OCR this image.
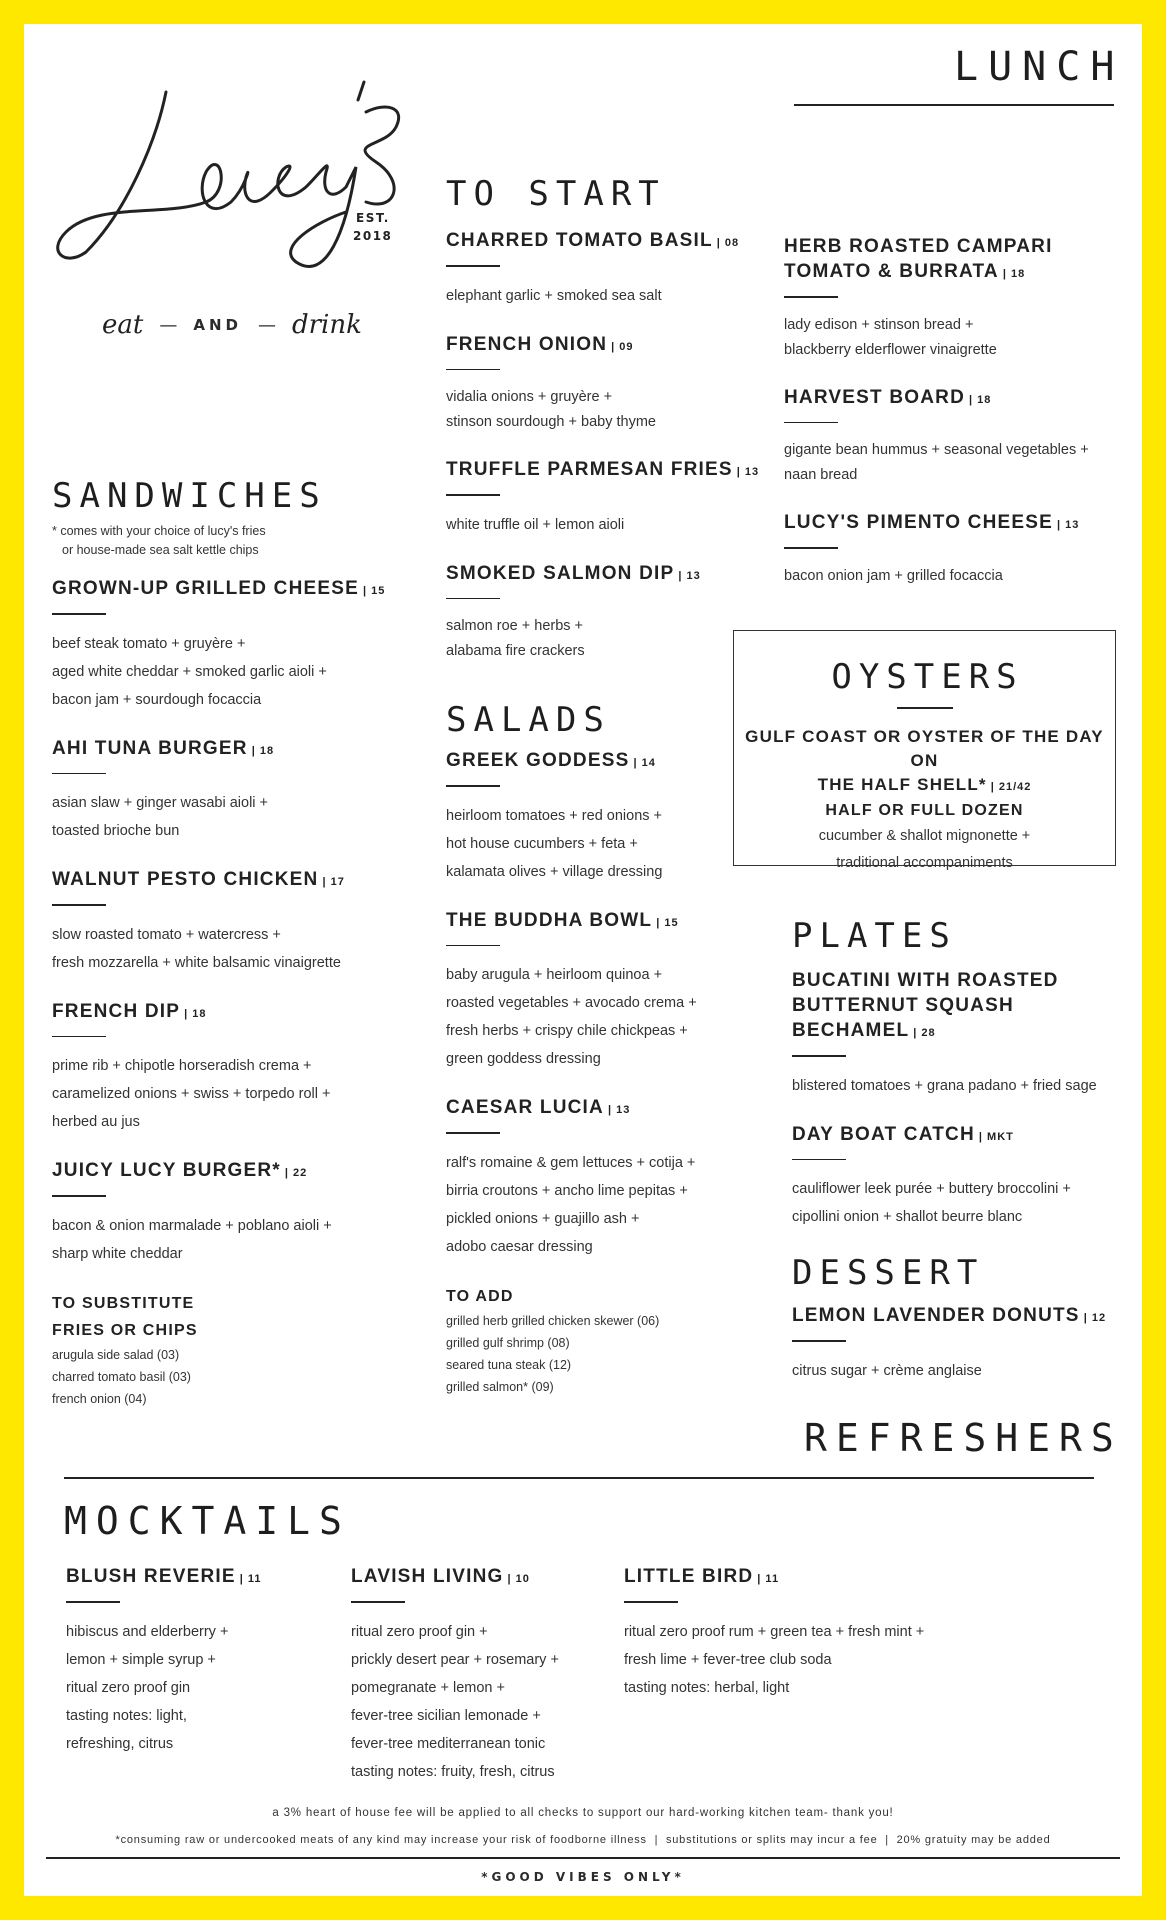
EST.
2018
eat — AND — drink
LUNCH
SANDWICHES
* comes with your choice of lucy's fries
or house-made sea salt kettle chips
GROWN-UP GRILLED CHEESE | 15
beef steak tomato + gruyère +
aged white cheddar + smoked garlic aioli +
bacon jam + sourdough focaccia
AHI TUNA BURGER | 18
asian slaw + ginger wasabi aioli +
toasted brioche bun
WALNUT PESTO CHICKEN | 17
slow roasted tomato + watercress +
fresh mozzarella + white balsamic vinaigrette
FRENCH DIP | 18
prime rib + chipotle horseradish crema +
caramelized onions + swiss + torpedo roll +
herbed au jus
JUICY LUCY BURGER* | 22
bacon & onion marmalade + poblano aioli +
sharp white cheddar
TO SUBSTITUTE
FRIES OR CHIPS
arugula side salad (03)
charred tomato basil (03)
french onion (04)
TO START
CHARRED TOMATO BASIL | 08
elephant garlic + smoked sea salt
FRENCH ONION | 09
vidalia onions + gruyère +
stinson sourdough + baby thyme
TRUFFLE PARMESAN FRIES | 13
white truffle oil + lemon aioli
SMOKED SALMON DIP | 13
salmon roe + herbs +
alabama fire crackers
SALADS
GREEK GODDESS | 14
heirloom tomatoes + red onions +
hot house cucumbers + feta +
kalamata olives + village dressing
THE BUDDHA BOWL | 15
baby arugula + heirloom quinoa +
roasted vegetables + avocado crema +
fresh herbs + crispy chile chickpeas +
green goddess dressing
CAESAR LUCIA | 13
ralf's romaine & gem lettuces + cotija +
birria croutons + ancho lime pepitas +
pickled onions + guajillo ash +
adobo caesar dressing
TO ADD
grilled herb grilled chicken skewer (06)
grilled gulf shrimp (08)
seared tuna steak (12)
grilled salmon* (09)
HERB ROASTED CAMPARI
TOMATO & BURRATA | 18
lady edison + stinson bread +
blackberry elderflower vinaigrette
HARVEST BOARD | 18
gigante bean hummus + seasonal vegetables +
naan bread
LUCY'S PIMENTO CHEESE | 13
bacon onion jam + grilled focaccia
OYSTERS
GULF COAST OR OYSTER OF THE DAY ON
THE HALF SHELL* | 21/42
HALF OR FULL DOZEN
cucumber & shallot mignonette +
traditional accompaniments
PLATES
BUCATINI WITH ROASTED
BUTTERNUT SQUASH BECHAMEL | 28
blistered tomatoes + grana padano + fried sage
DAY BOAT CATCH | MKT
cauliflower leek purée + buttery broccolini +
cipollini onion + shallot beurre blanc
DESSERT
LEMON LAVENDER DONUTS | 12
citrus sugar + crème anglaise
REFRESHERS
MOCKTAILS
BLUSH REVERIE | 11
hibiscus and elderberry +
lemon + simple syrup +
ritual zero proof gin
tasting notes: light,
refreshing, citrus
LAVISH LIVING | 10
ritual zero proof gin +
prickly desert pear + rosemary +
pomegranate + lemon +
fever-tree sicilian lemonade +
fever-tree mediterranean tonic
tasting notes: fruity, fresh, citrus
LITTLE BIRD | 11
ritual zero proof rum + green tea + fresh mint +
fresh lime + fever-tree club soda
tasting notes: herbal, light
a 3% heart of house fee will be applied to all checks to support our hard-working kitchen team- thank you!
*consuming raw or undercooked meats of any kind may increase your risk of foodborne illness  |  substitutions or splits may incur a fee  |  20% gratuity may be added
*GOOD VIBES ONLY*
